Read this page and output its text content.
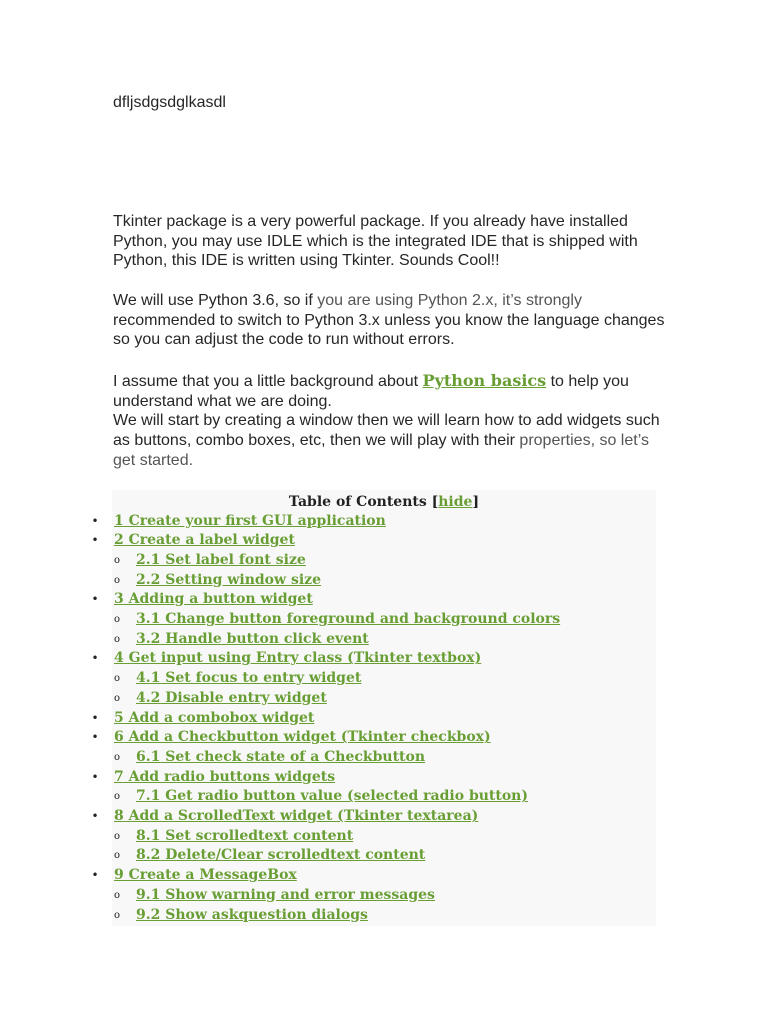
dfljsdgsdglkasdl

Tkinter package is a very powerful package. If you already have installed Python, you may use IDLE which is the integrated IDE that is shipped with Python, this IDE is written using Tkinter. Sounds Cool!!

We will use Python 3.6, so if you are using Python 2.x, it’s strongly recommended to switch to Python 3.x unless you know the language changes so you can adjust the code to run without errors.

I assume that you a little background about Python basics to help you understand what we are doing.
We will start by creating a window then we will learn how to add widgets such as buttons, combo boxes, etc, then we will play with their properties, so let’s get started.

Table of Contents [hide]
• 1 Create your first GUI application
• 2 Create a label widget
o 2.1 Set label font size
o 2.2 Setting window size
• 3 Adding a button widget
o 3.1 Change button foreground and background colors
o 3.2 Handle button click event
• 4 Get input using Entry class (Tkinter textbox)
o 4.1 Set focus to entry widget
o 4.2 Disable entry widget
• 5 Add a combobox widget
• 6 Add a Checkbutton widget (Tkinter checkbox)
o 6.1 Set check state of a Checkbutton
• 7 Add radio buttons widgets
o 7.1 Get radio button value (selected radio button)
• 8 Add a ScrolledText widget (Tkinter textarea)
o 8.1 Set scrolledtext content
o 8.2 Delete/Clear scrolledtext content
• 9 Create a MessageBox
o 9.1 Show warning and error messages
o 9.2 Show askquestion dialogs
